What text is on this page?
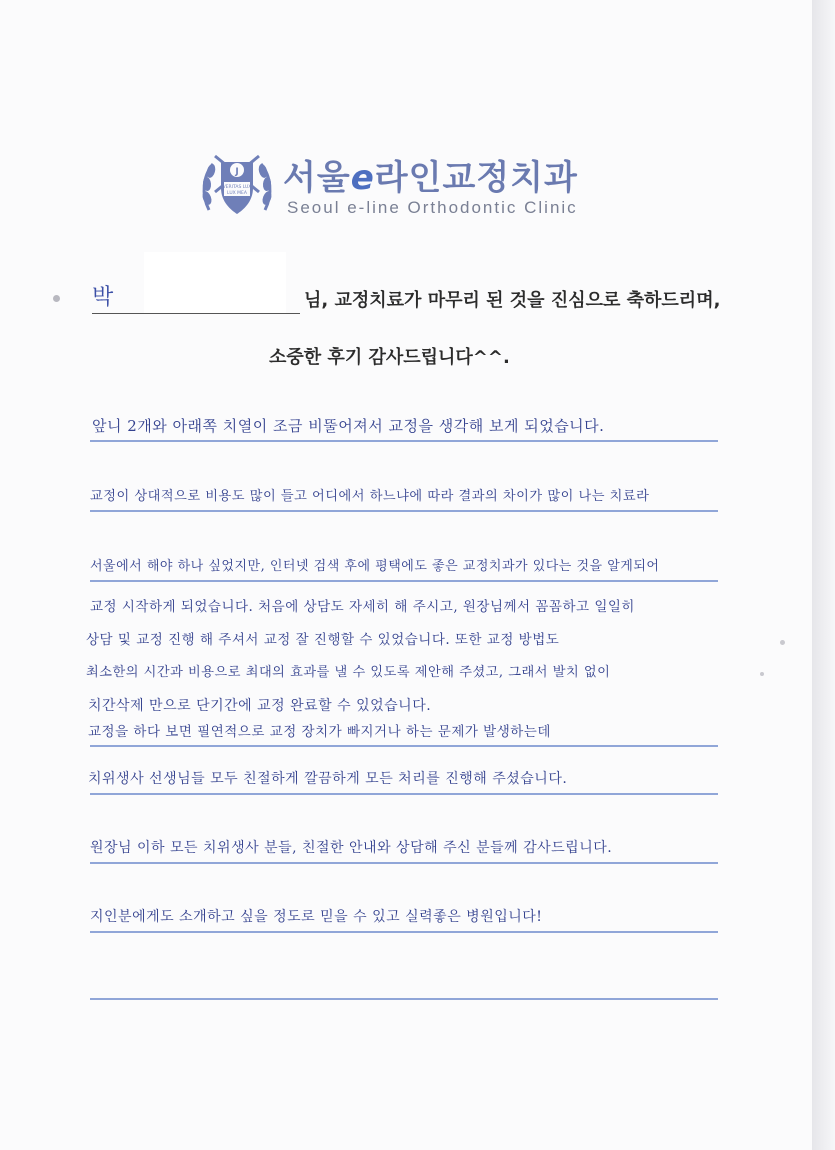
J
VERITAS LUX
LUX MEA 서울e라인교정치과
Seoul e-line Orthodontic Clinic
박	님, 교정치료가 마무리 된 것을 진심으로 축하드리며,
소중한 후기 감사드립니다^^.
앞니 2개와 아래쪽 치열이 조금 비뚤어져서 교정을 생각해 보게 되었습니다.
교정이 상대적으로 비용도 많이 들고 어디에서 하느냐에 따라 결과의 차이가 많이 나는 치료라
서울에서 해야 하나 싶었지만, 인터넷 검색 후에 평택에도 좋은 교정치과가 있다는 것을 알게되어
교정 시작하게 되었습니다. 처음에 상담도 자세히 해 주시고, 원장님께서 꼼꼼하고 일일히
상담 및 교정 진행 해 주셔서 교정 잘 진행할 수 있었습니다. 또한 교정 방법도
최소한의 시간과 비용으로 최대의 효과를 낼 수 있도록 제안해 주셨고, 그래서 발치 없이
치간삭제 만으로 단기간에 교정 완료할 수 있었습니다.
교정을 하다 보면 필연적으로 교정 장치가 빠지거나 하는 문제가 발생하는데
치위생사 선생님들 모두 친절하게 깔끔하게 모든 처리를 진행해 주셨습니다.
원장님 이하 모든 치위생사 분들, 친절한 안내와 상담해 주신 분들께 감사드립니다.
지인분에게도 소개하고 싶을 정도로 믿을 수 있고 실력좋은 병원입니다!
